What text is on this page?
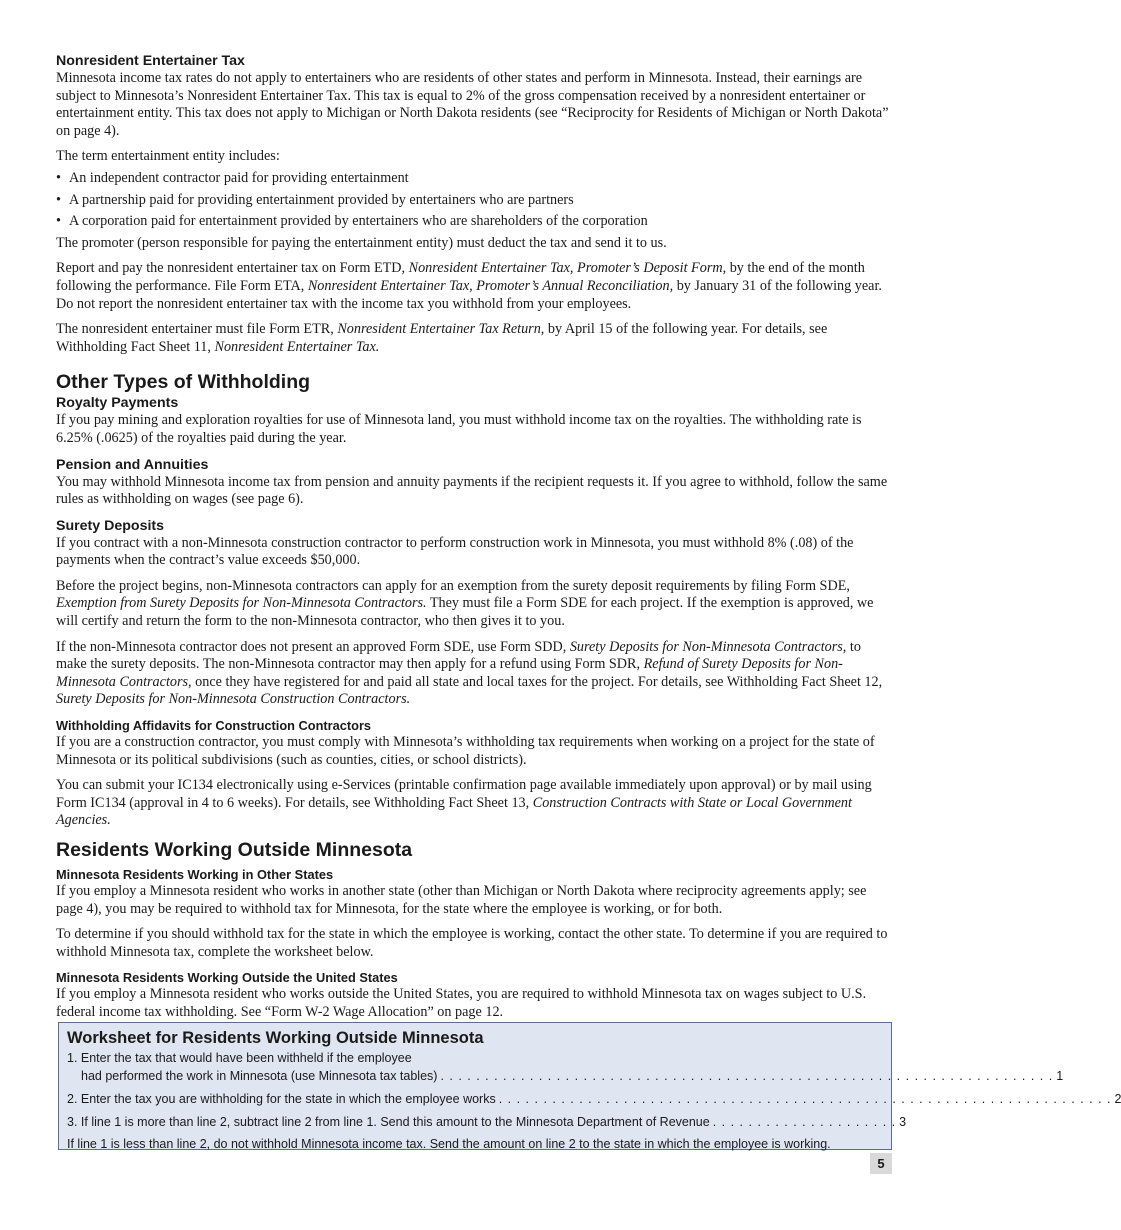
Nonresident Entertainer Tax

Minnesota income tax rates do not apply to entertainers who are residents of other states and perform in Minnesota. Instead, their earnings are subject to Minnesota’s Nonresident Entertainer Tax. This tax is equal to 2% of the gross compensation received by a nonresident entertainer or entertainment entity. This tax does not apply to Michigan or North Dakota residents (see “Reciprocity for Residents of Michigan or North Dakota” on page 4).

The term entertainment entity includes:

• An independent contractor paid for providing entertainment
• A partnership paid for providing entertainment provided by entertainers who are partners
• A corporation paid for entertainment provided by entertainers who are shareholders of the corporation

The promoter (person responsible for paying the entertainment entity) must deduct the tax and send it to us.

Report and pay the nonresident entertainer tax on Form ETD, Nonresident Entertainer Tax, Promoter’s Deposit Form, by the end of the month following the performance. File Form ETA, Nonresident Entertainer Tax, Promoter’s Annual Reconciliation, by January 31 of the following year. Do not report the nonresident entertainer tax with the income tax you withhold from your employees.

The nonresident entertainer must file Form ETR, Nonresident Entertainer Tax Return, by April 15 of the following year. For details, see Withholding Fact Sheet 11, Nonresident Entertainer Tax.

Other Types of Withholding
Royalty Payments

If you pay mining and exploration royalties for use of Minnesota land, you must withhold income tax on the royalties. The withholding rate is 6.25% (.0625) of the royalties paid during the year.

Pension and Annuities

You may withhold Minnesota income tax from pension and annuity payments if the recipient requests it. If you agree to withhold, follow the same rules as withholding on wages (see page 6).

Surety Deposits

If you contract with a non-Minnesota construction contractor to perform construction work in Minnesota, you must withhold 8% (.08) of the payments when the contract’s value exceeds $50,000.

Before the project begins, non-Minnesota contractors can apply for an exemption from the surety deposit requirements by filing Form SDE, Exemption from Surety Deposits for Non-Minnesota Contractors. They must file a Form SDE for each project. If the exemption is approved, we will certify and return the form to the non-Minnesota contractor, who then gives it to you.

If the non-Minnesota contractor does not present an approved Form SDE, use Form SDD, Surety Deposits for Non-Minnesota Contractors, to make the surety deposits. The non-Minnesota contractor may then apply for a refund using Form SDR, Refund of Surety Deposits for Non-Minnesota Contractors, once they have registered for and paid all state and local taxes for the project. For details, see Withholding Fact Sheet 12, Surety Deposits for Non-Minnesota Construction Contractors.

Withholding Affidavits for Construction Contractors

If you are a construction contractor, you must comply with Minnesota’s withholding tax requirements when working on a project for the state of Minnesota or its political subdivisions (such as counties, cities, or school districts).

You can submit your IC134 electronically using e-Services (printable confirmation page available immediately upon approval) or by mail using Form IC134 (approval in 4 to 6 weeks). For details, see Withholding Fact Sheet 13, Construction Contracts with State or Local Government Agencies.

Residents Working Outside Minnesota
Minnesota Residents Working in Other States

If you employ a Minnesota resident who works in another state (other than Michigan or North Dakota where reciprocity agreements apply; see page 4), you may be required to withhold tax for Minnesota, for the state where the employee is working, or for both.

To determine if you should withhold tax for the state in which the employee is working, contact the other state. To determine if you are required to withhold Minnesota tax, complete the worksheet below.

Minnesota Residents Working Outside the United States

If you employ a Minnesota resident who works outside the United States, you are required to withhold Minnesota tax on wages subject to U.S. federal income tax withholding. See “Form W-2 Wage Allocation” on page 12.

Worksheet for Residents Working Outside Minnesota
1. Enter the tax that would have been withheld if the employee
had performed the work in Minnesota (use Minnesota tax tables) . . . . . . . . . . . . . . . . . . . . . . . . . . . . . . . . . . . . . . . . . . . . . . . . . . . . . . . . . . . . . . . . . . . . . 1
2. Enter the tax you are withholding for the state in which the employee works . . . . . . . . . . . . . . . . . . . . . . . . . . . . . . . . . . . . . . . . . . . . . . . . . . . . . . . . . . . . . . . . . . . . . 2
3. If line 1 is more than line 2, subtract line 2 from line 1. Send this amount to the Minnesota Department of Revenue . . . . . . . . . . . . . . . . . . . . . 3
If line 1 is less than line 2, do not withhold Minnesota income tax. Send the amount on line 2 to the state in which the employee is working.
5
